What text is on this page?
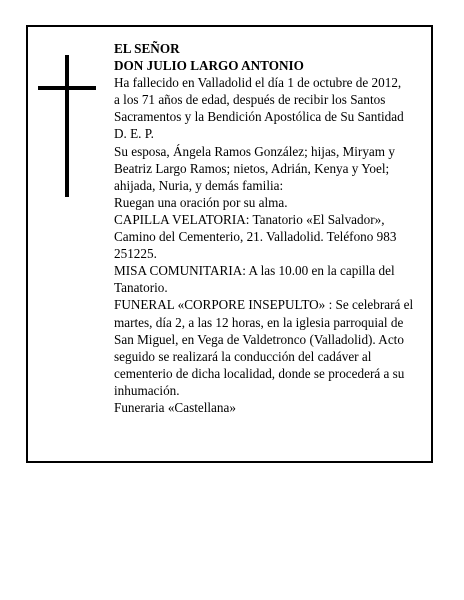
EL SEÑOR
DON JULIO LARGO ANTONIO
Ha fallecido en Valladolid el día 1 de octubre de 2012,
a los 71 años de edad, después de recibir los Santos
Sacramentos y la Bendición Apostólica de Su Santidad
D. E. P.
Su esposa, Ángela Ramos González; hijas, Miryam y
Beatriz Largo Ramos; nietos, Adrián, Kenya y Yoel;
ahijada, Nuria, y demás familia:
Ruegan una oración por su alma.
CAPILLA VELATORIA: Tanatorio «El Salvador»,
Camino del Cementerio, 21. Valladolid. Teléfono 983
251225.
MISA COMUNITARIA: A las 10.00 en la capilla del
Tanatorio.
FUNERAL «CORPORE INSEPULTO» : Se celebrará el
martes, día 2, a las 12 horas, en la iglesia parroquial de
San Miguel, en Vega de Valdetronco (Valladolid). Acto
seguido se realizará la conducción del cadáver al
cementerio de dicha localidad, donde se procederá a su
inhumación.
Funeraria «Castellana»
